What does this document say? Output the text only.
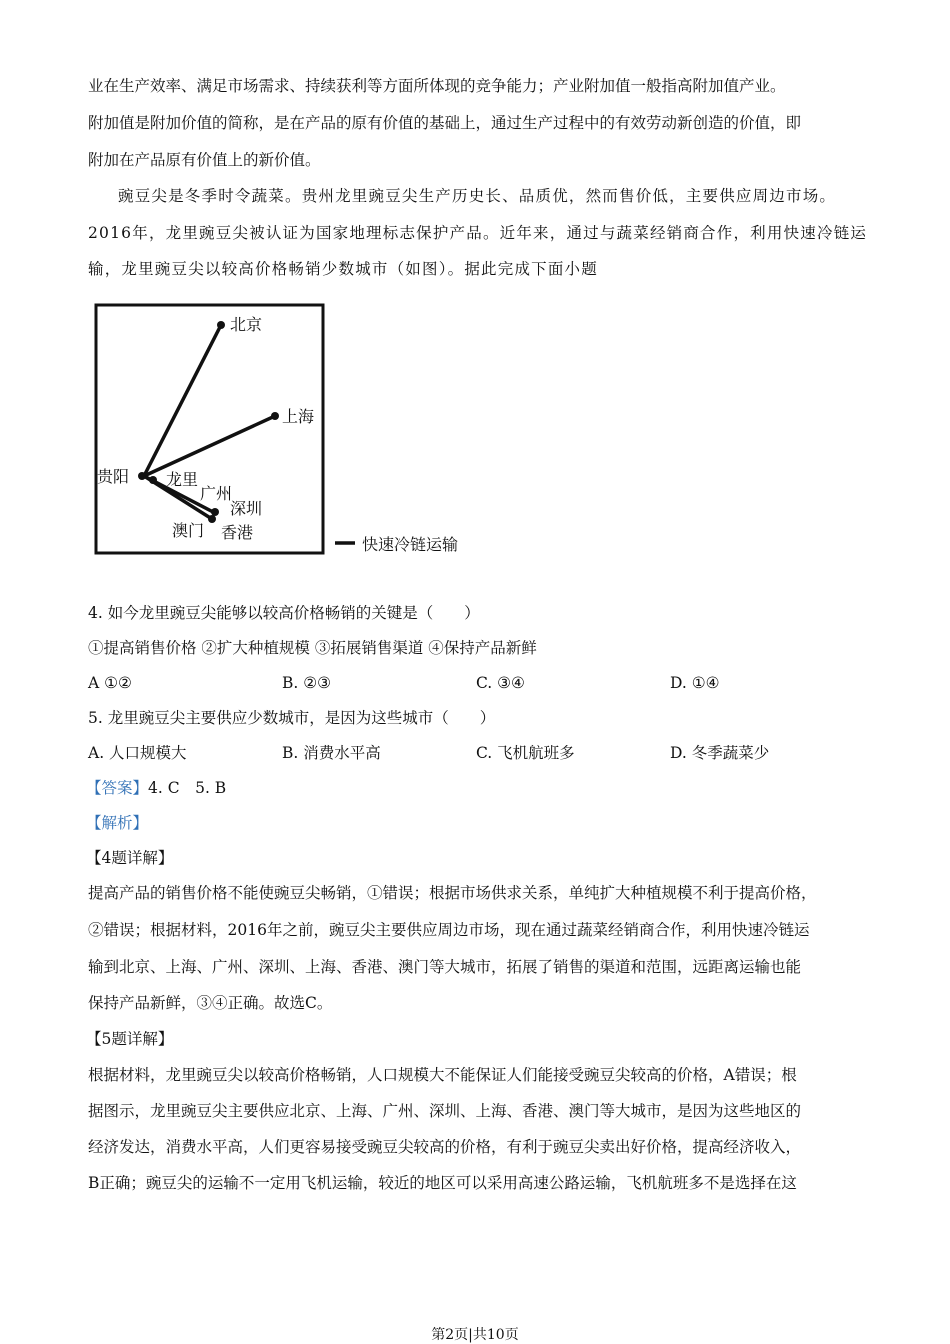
业在生产效率、满足市场需求、持续获利等方面所体现的竞争能力；产业附加值一般指高附加值产业。
附加值是附加价值的简称，是在产品的原有价值的基础上，通过生产过程中的有效劳动新创造的价值，即
附加在产品原有价值上的新价值。
豌豆尖是冬季时令蔬菜。贵州龙里豌豆尖生产历史长、品质优，然而售价低，主要供应周边市场。
2016年，龙里豌豆尖被认证为国家地理标志保护产品。近年来，通过与蔬菜经销商合作，利用快速冷链运
输，龙里豌豆尖以较高价格畅销少数城市（如图）。据此完成下面小题
北京
上海
贵阳 龙里
广州
深圳
澳门 香港
快速冷链运输
4. 如今龙里豌豆尖能够以较高价格畅销的关键是（　　）
①提高销售价格 ②扩大种植规模 ③拓展销售渠道 ④保持产品新鲜
A ①②	B. ②③	C. ③④	D. ①④
5. 龙里豌豆尖主要供应少数城市，是因为这些城市（　　）
A. 人口规模大	B. 消费水平高	C. 飞机航班多	D. 冬季蔬菜少
【答案】4. C　5. B
【解析】
【4题详解】
提高产品的销售价格不能使豌豆尖畅销，①错误；根据市场供求关系，单纯扩大种植规模不利于提高价格，
②错误；根据材料，2016年之前，豌豆尖主要供应周边市场，现在通过蔬菜经销商合作，利用快速冷链运
输到北京、上海、广州、深圳、上海、香港、澳门等大城市，拓展了销售的渠道和范围，远距离运输也能
保持产品新鲜，③④正确。故选C。
【5题详解】
根据材料，龙里豌豆尖以较高价格畅销，人口规模大不能保证人们能接受豌豆尖较高的价格，A错误；根
据图示，龙里豌豆尖主要供应北京、上海、广州、深圳、上海、香港、澳门等大城市，是因为这些地区的
经济发达，消费水平高，人们更容易接受豌豆尖较高的价格，有利于豌豆尖卖出好价格，提高经济收入，
B正确；豌豆尖的运输不一定用飞机运输，较近的地区可以采用高速公路运输，飞机航班多不是选择在这
第2页|共10页
